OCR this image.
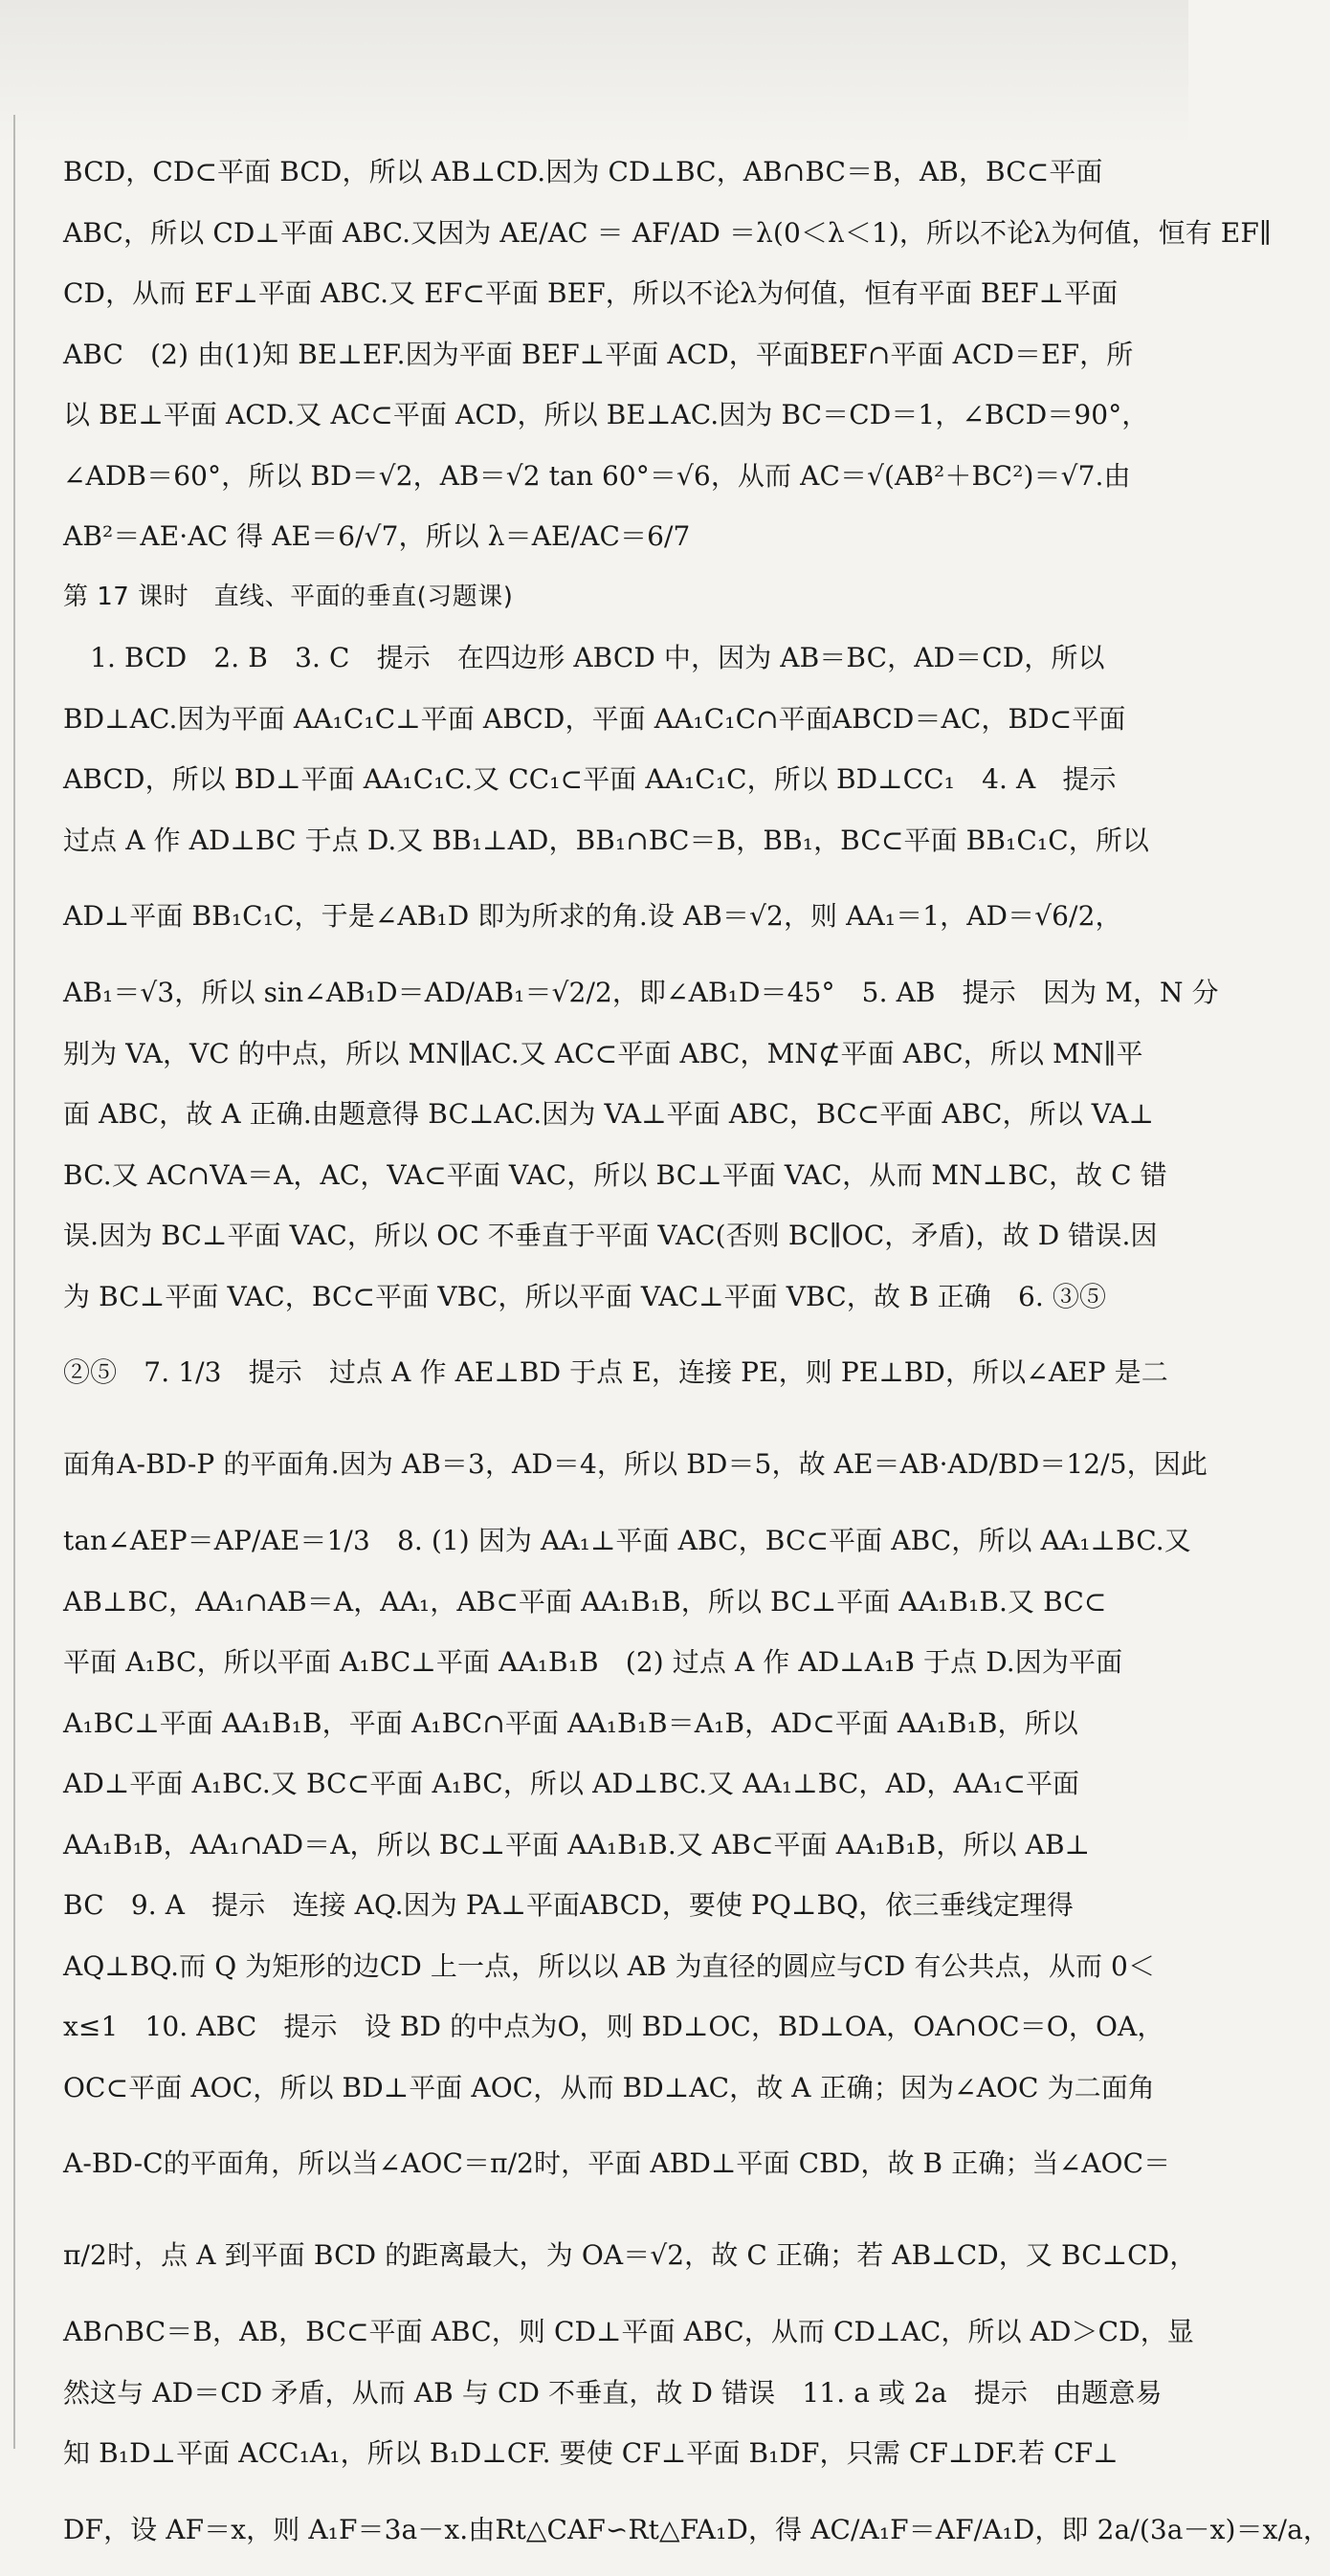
BCD，CD⊂平面 BCD，所以 AB⊥CD.因为 CD⊥BC，AB∩BC＝B，AB，BC⊂平面
ABC，所以 CD⊥平面 ABC.又因为 AE/AC ＝ AF/AD ＝λ(0＜λ＜1)，所以不论λ为何值，恒有 EF∥
CD，从而 EF⊥平面 ABC.又 EF⊂平面 BEF，所以不论λ为何值，恒有平面 BEF⊥平面
ABC　(2) 由(1)知 BE⊥EF.因为平面 BEF⊥平面 ACD，平面BEF∩平面 ACD＝EF，所
以 BE⊥平面 ACD.又 AC⊂平面 ACD，所以 BE⊥AC.因为 BC＝CD＝1，∠BCD＝90°，
∠ADB＝60°，所以 BD＝√2，AB＝√2 tan 60°＝√6，从而 AC＝√(AB²＋BC²)＝√7.由
AB²＝AE·AC 得 AE＝6/√7，所以 λ＝AE/AC＝6/7
第 17 课时　直线、平面的垂直(习题课)
　1. BCD　2. B　3. C　提示　在四边形 ABCD 中，因为 AB＝BC，AD＝CD，所以
BD⊥AC.因为平面 AA₁C₁C⊥平面 ABCD，平面 AA₁C₁C∩平面ABCD＝AC，BD⊂平面
ABCD，所以 BD⊥平面 AA₁C₁C.又 CC₁⊂平面 AA₁C₁C，所以 BD⊥CC₁　4. A　提示
过点 A 作 AD⊥BC 于点 D.又 BB₁⊥AD，BB₁∩BC＝B，BB₁，BC⊂平面 BB₁C₁C，所以
AD⊥平面 BB₁C₁C，于是∠AB₁D 即为所求的角.设 AB＝√2，则 AA₁＝1，AD＝√6/2，
AB₁＝√3，所以 sin∠AB₁D＝AD/AB₁＝√2/2，即∠AB₁D＝45°　5. AB　提示　因为 M，N 分
别为 VA，VC 的中点，所以 MN∥AC.又 AC⊂平面 ABC，MN⊄平面 ABC，所以 MN∥平
面 ABC，故 A 正确.由题意得 BC⊥AC.因为 VA⊥平面 ABC，BC⊂平面 ABC，所以 VA⊥
BC.又 AC∩VA＝A，AC，VA⊂平面 VAC，所以 BC⊥平面 VAC，从而 MN⊥BC，故 C 错
误.因为 BC⊥平面 VAC，所以 OC 不垂直于平面 VAC(否则 BC∥OC，矛盾)，故 D 错误.因
为 BC⊥平面 VAC，BC⊂平面 VBC，所以平面 VAC⊥平面 VBC，故 B 正确　6. ③⑤
②⑤　7. 1/3　提示　过点 A 作 AE⊥BD 于点 E，连接 PE，则 PE⊥BD，所以∠AEP 是二
面角A-BD-P 的平面角.因为 AB＝3，AD＝4，所以 BD＝5，故 AE＝AB·AD/BD＝12/5，因此
tan∠AEP＝AP/AE＝1/3　8. (1) 因为 AA₁⊥平面 ABC，BC⊂平面 ABC，所以 AA₁⊥BC.又
AB⊥BC，AA₁∩AB＝A，AA₁，AB⊂平面 AA₁B₁B，所以 BC⊥平面 AA₁B₁B.又 BC⊂
平面 A₁BC，所以平面 A₁BC⊥平面 AA₁B₁B　(2) 过点 A 作 AD⊥A₁B 于点 D.因为平面
A₁BC⊥平面 AA₁B₁B，平面 A₁BC∩平面 AA₁B₁B＝A₁B，AD⊂平面 AA₁B₁B，所以
AD⊥平面 A₁BC.又 BC⊂平面 A₁BC，所以 AD⊥BC.又 AA₁⊥BC，AD，AA₁⊂平面
AA₁B₁B，AA₁∩AD＝A，所以 BC⊥平面 AA₁B₁B.又 AB⊂平面 AA₁B₁B，所以 AB⊥
BC　9. A　提示　连接 AQ.因为 PA⊥平面ABCD，要使 PQ⊥BQ，依三垂线定理得
AQ⊥BQ.而 Q 为矩形的边CD 上一点，所以以 AB 为直径的圆应与CD 有公共点，从而 0＜
x≤1　10. ABC　提示　设 BD 的中点为O，则 BD⊥OC，BD⊥OA，OA∩OC＝O，OA，
OC⊂平面 AOC，所以 BD⊥平面 AOC，从而 BD⊥AC，故 A 正确；因为∠AOC 为二面角
A-BD-C的平面角，所以当∠AOC＝π/2时，平面 ABD⊥平面 CBD，故 B 正确；当∠AOC＝
π/2时，点 A 到平面 BCD 的距离最大，为 OA＝√2，故 C 正确；若 AB⊥CD，又 BC⊥CD，
AB∩BC＝B，AB，BC⊂平面 ABC，则 CD⊥平面 ABC，从而 CD⊥AC，所以 AD＞CD，显
然这与 AD＝CD 矛盾，从而 AB 与 CD 不垂直，故 D 错误　11. a 或 2a　提示　由题意易
知 B₁D⊥平面 ACC₁A₁，所以 B₁D⊥CF. 要使 CF⊥平面 B₁DF，只需 CF⊥DF.若 CF⊥
DF，设 AF＝x，则 A₁F＝3a－x.由Rt△CAF∽Rt△FA₁D，得 AC/A₁F＝AF/A₁D，即 2a/(3a－x)＝x/a，
